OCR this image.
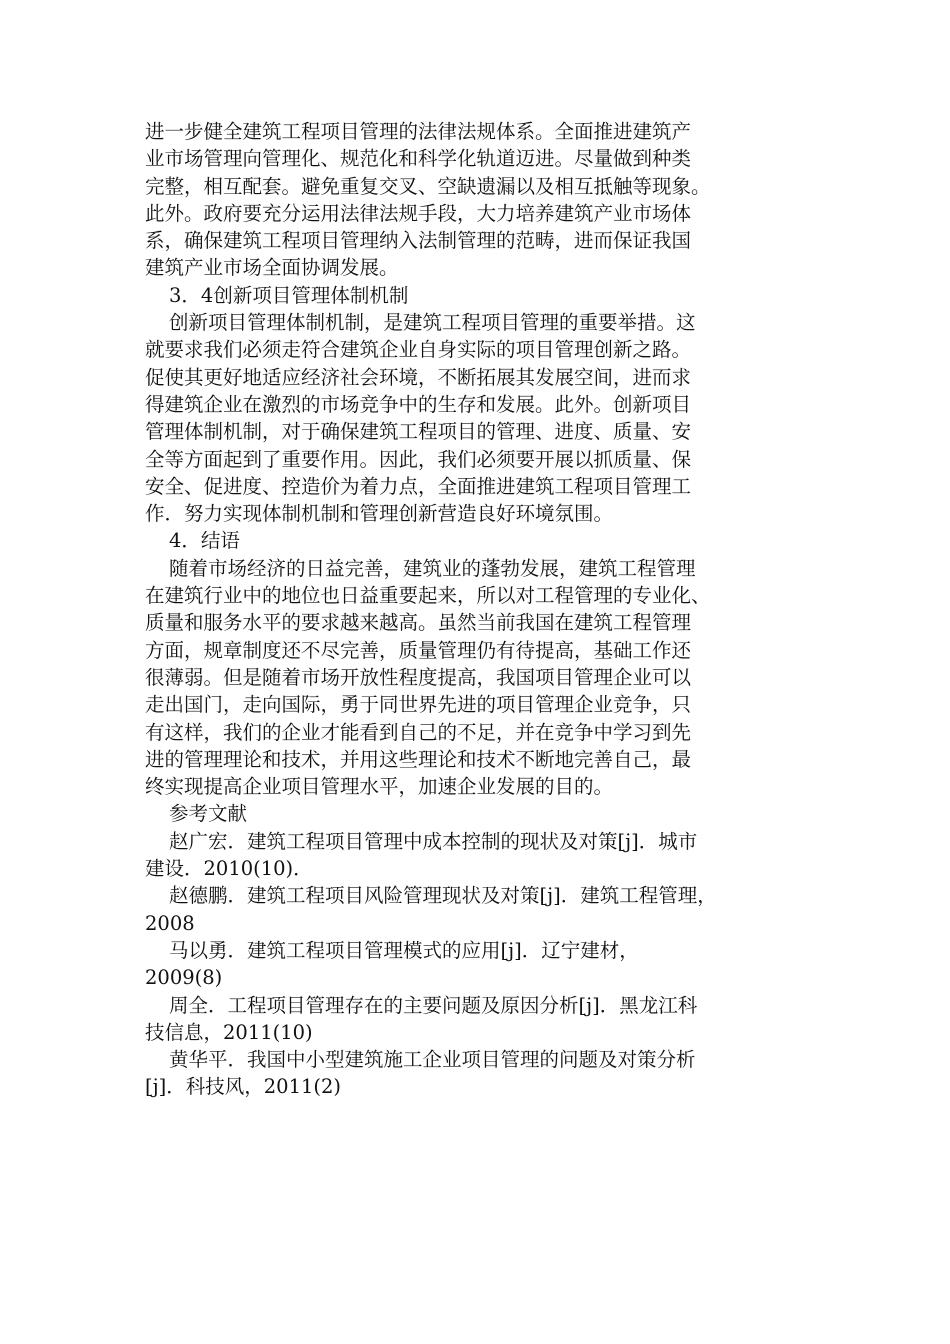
进一步健全建筑工程项目管理的法律法规体系。全面推进建筑产
业市场管理向管理化、规范化和科学化轨道迈进。尽量做到种类
完整，相互配套。避免重复交叉、空缺遗漏以及相互抵触等现象。
此外。政府要充分运用法律法规手段，大力培养建筑产业市场体
系，确保建筑工程项目管理纳入法制管理的范畴，进而保证我国
建筑产业市场全面协调发展。
3．4创新项目管理体制机制
创新项目管理体制机制，是建筑工程项目管理的重要举措。这
就要求我们必须走符合建筑企业自身实际的项目管理创新之路。
促使其更好地适应经济社会环境，不断拓展其发展空间，进而求
得建筑企业在激烈的市场竞争中的生存和发展。此外。创新项目
管理体制机制，对于确保建筑工程项目的管理、进度、质量、安
全等方面起到了重要作用。因此，我们必须要开展以抓质量、保
安全、促进度、控造价为着力点，全面推进建筑工程项目管理工
作．努力实现体制机制和管理创新营造良好环境氛围。
4．结语
随着市场经济的日益完善，建筑业的蓬勃发展，建筑工程管理
在建筑行业中的地位也日益重要起来，所以对工程管理的专业化、
质量和服务水平的要求越来越高。虽然当前我国在建筑工程管理
方面，规章制度还不尽完善，质量管理仍有待提高，基础工作还
很薄弱。但是随着市场开放性程度提高，我国项目管理企业可以
走出国门，走向国际，勇于同世界先进的项目管理企业竞争，只
有这样，我们的企业才能看到自己的不足，并在竞争中学习到先
进的管理理论和技术，并用这些理论和技术不断地完善自己，最
终实现提高企业项目管理水平，加速企业发展的目的。
参考文献
赵广宏．建筑工程项目管理中成本控制的现状及对策[j]．城市
建设．2010(10)．
赵德鹏．建筑工程项目风险管理现状及对策[j]．建筑工程管理，
2008
马以勇．建筑工程项目管理模式的应用[j]．辽宁建材，
2009(8)
周全．工程项目管理存在的主要问题及原因分析[j]．黑龙江科
技信息，2011(10)
黄华平．我国中小型建筑施工企业项目管理的问题及对策分析
[j]．科技风，2011(2)
